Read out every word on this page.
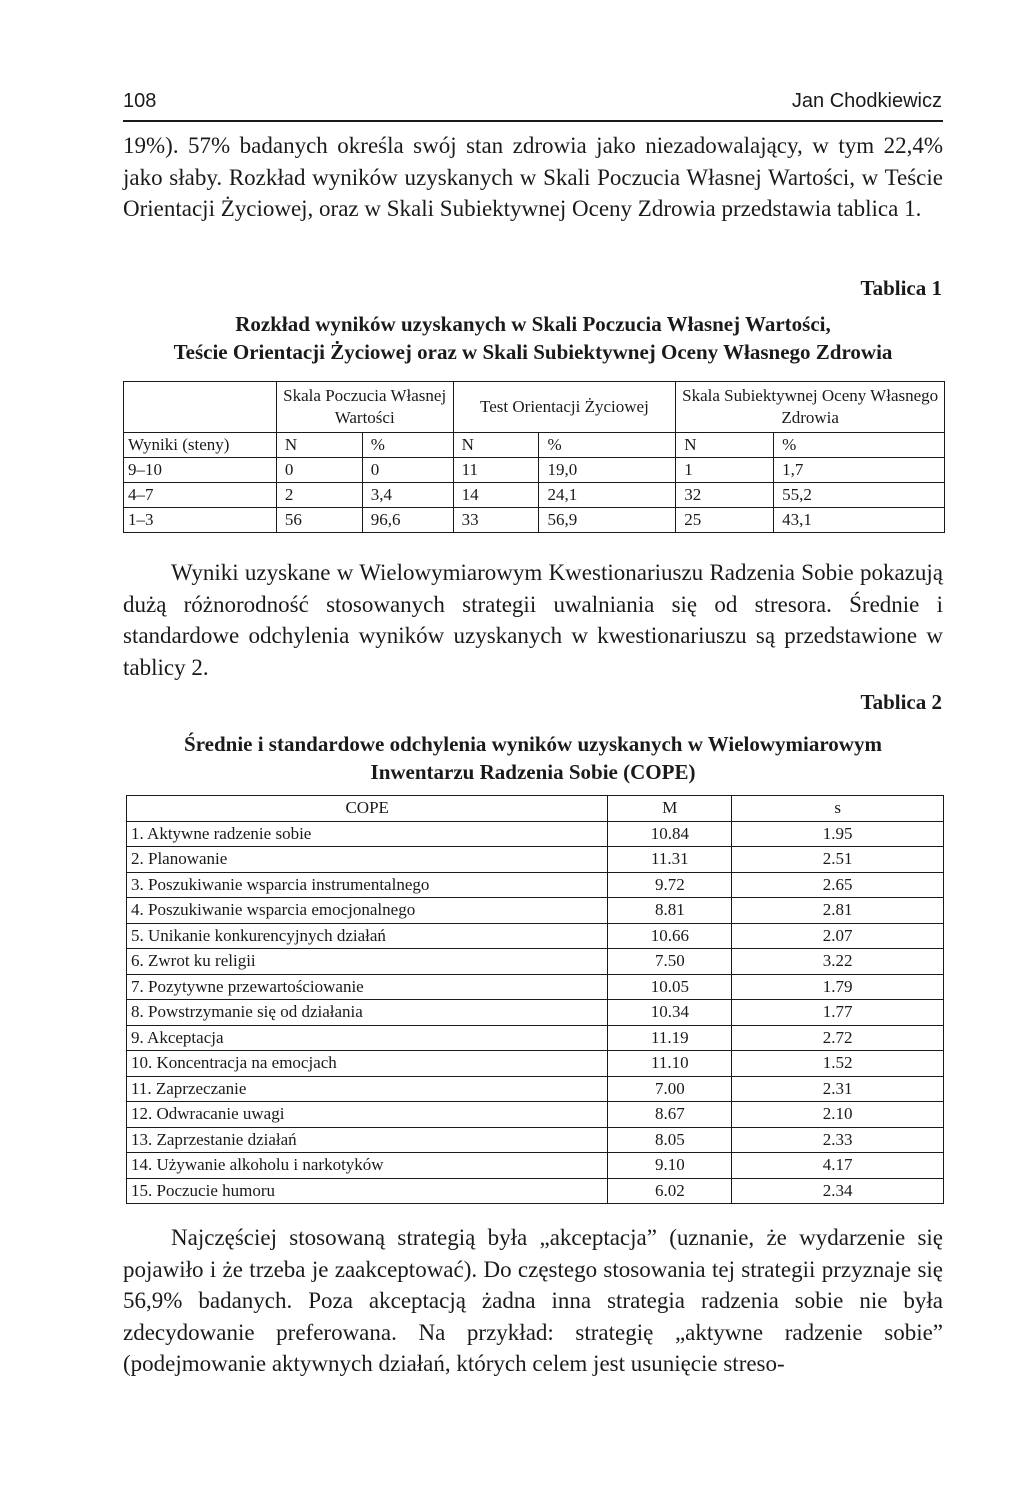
108	Jan Chodkiewicz

19%). 57% badanych określa swój stan zdrowia jako niezadowalający, w tym 22,4% jako słaby. Rozkład wyników uzyskanych w Skali Poczucia Własnej Wartości, w Teście Orientacji Życiowej, oraz w Skali Subiektywnej Oceny Zdrowia przedstawia tablica 1.

Tablica 1
Rozkład wyników uzyskanych w Skali Poczucia Własnej Wartości,
Teście Orientacji Życiowej oraz w Skali Subiektywnej Oceny Własnego Zdrowia
	Skala Poczucia Własnej Wartości		Test Orientacji Życiowej		Skala Subiektywnej Oceny Własnego Zdrowia	
Wyniki (steny)	N	%	N	%	N	%
9–10	0	0	11	19,0	1	1,7
4–7	2	3,4	14	24,1	32	55,2
1–3	56	96,6	33	56,9	25	43,1

Wyniki uzyskane w Wielowymiarowym Kwestionariuszu Radzenia Sobie pokazują dużą różnorodność stosowanych strategii uwalniania się od stresora. Średnie i standardowe odchylenia wyników uzyskanych w kwestionariuszu są przedstawione w tablicy 2.

Tablica 2
Średnie i standardowe odchylenia wyników uzyskanych w Wielowymiarowym
Inwentarzu Radzenia Sobie (COPE)
COPE	M	s
1. Aktywne radzenie sobie	10.84	1.95
2. Planowanie	11.31	2.51
3. Poszukiwanie wsparcia instrumentalnego	9.72	2.65
4. Poszukiwanie wsparcia emocjonalnego	8.81	2.81
5. Unikanie konkurencyjnych działań	10.66	2.07
6. Zwrot ku religii	7.50	3.22
7. Pozytywne przewartościowanie	10.05	1.79
8. Powstrzymanie się od działania	10.34	1.77
9. Akceptacja	11.19	2.72
10. Koncentracja na emocjach	11.10	1.52
11. Zaprzeczanie	7.00	2.31
12. Odwracanie uwagi	8.67	2.10
13. Zaprzestanie działań	8.05	2.33
14. Używanie alkoholu i narkotyków	9.10	4.17
15. Poczucie humoru	6.02	2.34

Najczęściej stosowaną strategią była „akceptacja” (uznanie, że wydarzenie się pojawiło i że trzeba je zaakceptować). Do częstego stosowania tej strategii przyznaje się 56,9% badanych. Poza akceptacją żadna inna strategia radzenia sobie nie była zdecydowanie preferowana. Na przykład: strategię „aktywne radzenie sobie” (podejmowanie aktywnych działań, których celem jest usunięcie streso-
